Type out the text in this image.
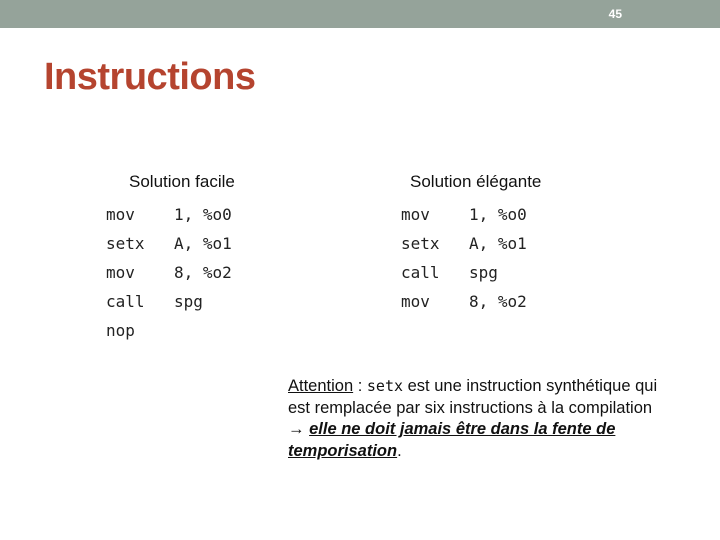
45
Instructions
Solution facile	Solution élégante
mov	1, %o0
setx	A, %o1
mov	8, %o2
call	spg
nop
mov	1, %o0
setx	A, %o1
call	spg
mov	8, %o2

Attention : setx est une instruction synthétique qui est remplacée par six instructions à la compilation → elle ne doit jamais être dans la fente de temporisation.
